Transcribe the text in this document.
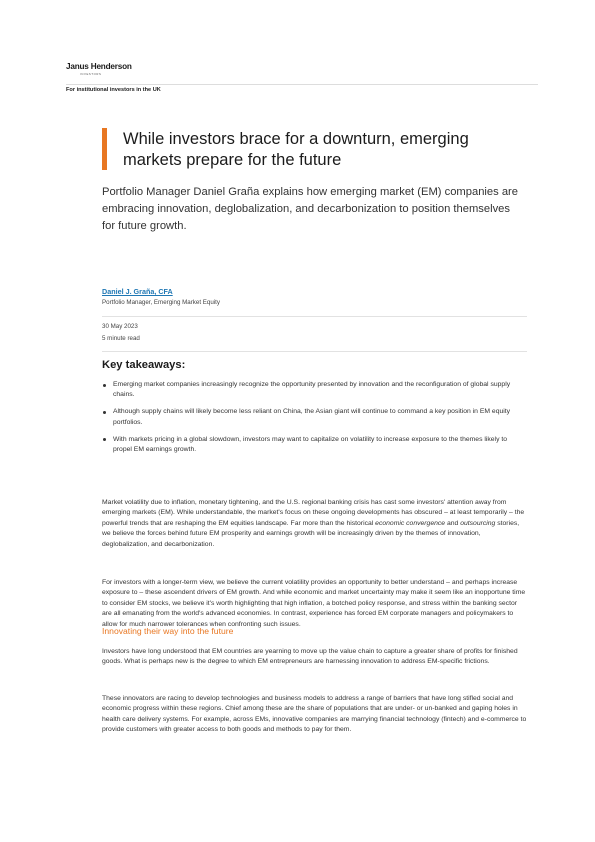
Janus Henderson
INVESTORS
For institutional investors in the UK
While investors brace for a downturn, emerging markets prepare for the future
Portfolio Manager Daniel Graña explains how emerging market (EM) companies are embracing innovation, deglobalization, and decarbonization to position themselves for future growth.
Daniel J. Graña, CFA
Portfolio Manager, Emerging Market Equity
30 May 2023
5 minute read
Key takeaways:
Emerging market companies increasingly recognize the opportunity presented by innovation and the reconfiguration of global supply chains.
Although supply chains will likely become less reliant on China, the Asian giant will continue to command a key position in EM equity portfolios.
With markets pricing in a global slowdown, investors may want to capitalize on volatility to increase exposure to the themes likely to propel EM earnings growth.

Market volatility due to inflation, monetary tightening, and the U.S. regional banking crisis has cast some investors' attention away from emerging markets (EM). While understandable, the market's focus on these ongoing developments has obscured – at least temporarily – the powerful trends that are reshaping the EM equities landscape. Far more than the historical economic convergence and outsourcing stories, we believe the forces behind future EM prosperity and earnings growth will be increasingly driven by the themes of innovation, deglobalization, and decarbonization.

For investors with a longer-term view, we believe the current volatility provides an opportunity to better understand – and perhaps increase exposure to – these ascendent drivers of EM growth. And while economic and market uncertainty may make it seem like an inopportune time to consider EM stocks, we believe it's worth highlighting that high inflation, a botched policy response, and stress within the banking sector are all emanating from the world's advanced economies. In contrast, experience has forced EM corporate managers and policymakers to allow for much narrower tolerances when confronting such issues.

Innovating their way into the future

Investors have long understood that EM countries are yearning to move up the value chain to capture a greater share of profits for finished goods. What is perhaps new is the degree to which EM entrepreneurs are harnessing innovation to address EM-specific frictions.

These innovators are racing to develop technologies and business models to address a range of barriers that have long stifled social and economic progress within these regions. Chief among these are the share of populations that are under- or un-banked and gaping holes in health care delivery systems. For example, across EMs, innovative companies are marrying financial technology (fintech) and e-commerce to provide customers with greater access to both goods and methods to pay for them.
